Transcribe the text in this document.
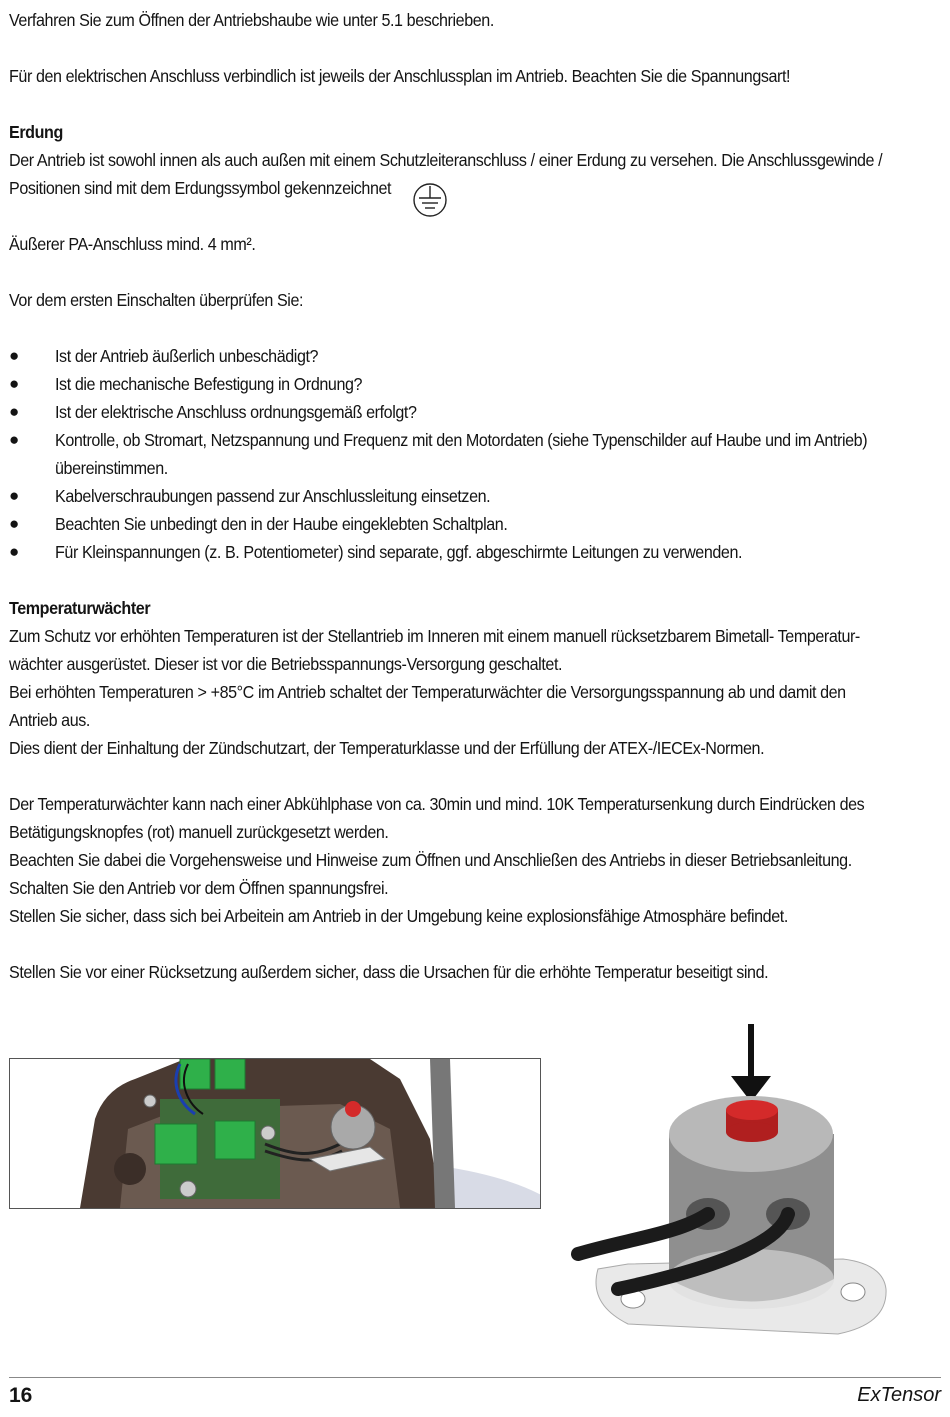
Verfahren Sie zum Öffnen der Antriebshaube wie unter 5.1 beschrieben.
Für den elektrischen Anschluss verbindlich ist jeweils der Anschlussplan im Antrieb. Beachten Sie die Spannungsart!
Erdung
Der Antrieb ist sowohl innen als auch außen mit einem Schutzleiteranschluss / einer Erdung zu versehen. Die Anschlussgewinde /
Positionen sind mit dem Erdungssymbol gekennzeichnet
Äußerer PA-Anschluss mind. 4 mm².
Vor dem ersten Einschalten überprüfen Sie:
● Ist der Antrieb äußerlich unbeschädigt?
● Ist die mechanische Befestigung in Ordnung?
● Ist der elektrische Anschluss ordnungsgemäß erfolgt?
● Kontrolle, ob Stromart, Netzspannung und Frequenz mit den Motordaten (siehe Typenschilder auf Haube und im Antrieb)
übereinstimmen.
● Kabelverschraubungen passend zur Anschlussleitung einsetzen.
● Beachten Sie unbedingt den in der Haube eingeklebten Schaltplan.
● Für Kleinspannungen (z. B. Potentiometer) sind separate, ggf. abgeschirmte Leitungen zu verwenden.
Temperaturwächter
Zum Schutz vor erhöhten Temperaturen ist der Stellantrieb im Inneren mit einem manuell rücksetzbarem Bimetall- Temperatur-
wächter ausgerüstet. Dieser ist vor die Betriebsspannungs-Versorgung geschaltet.
Bei erhöhten Temperaturen > +85°C im Antrieb schaltet der Temperaturwächter die Versorgungsspannung ab und damit den
Antrieb aus.
Dies dient der Einhaltung der Zündschutzart, der Temperaturklasse und der Erfüllung der ATEX-/IECEx-Normen.
Der Temperaturwächter kann nach einer Abkühlphase von ca. 30min und mind. 10K Temperatursenkung durch Eindrücken des
Betätigungsknopfes (rot) manuell zurückgesetzt werden.
Beachten Sie dabei die Vorgehensweise und Hinweise zum Öffnen und Anschließen des Antriebs in dieser Betriebsanleitung.
Schalten Sie den Antrieb vor dem Öffnen spannungsfrei.
Stellen Sie sicher, dass sich bei Arbeitein am Antrieb in der Umgebung keine explosionsfähige Atmosphäre befindet.
Stellen Sie vor einer Rücksetzung außerdem sicher, dass die Ursachen für die erhöhte Temperatur beseitigt sind.
16	ExTensor
